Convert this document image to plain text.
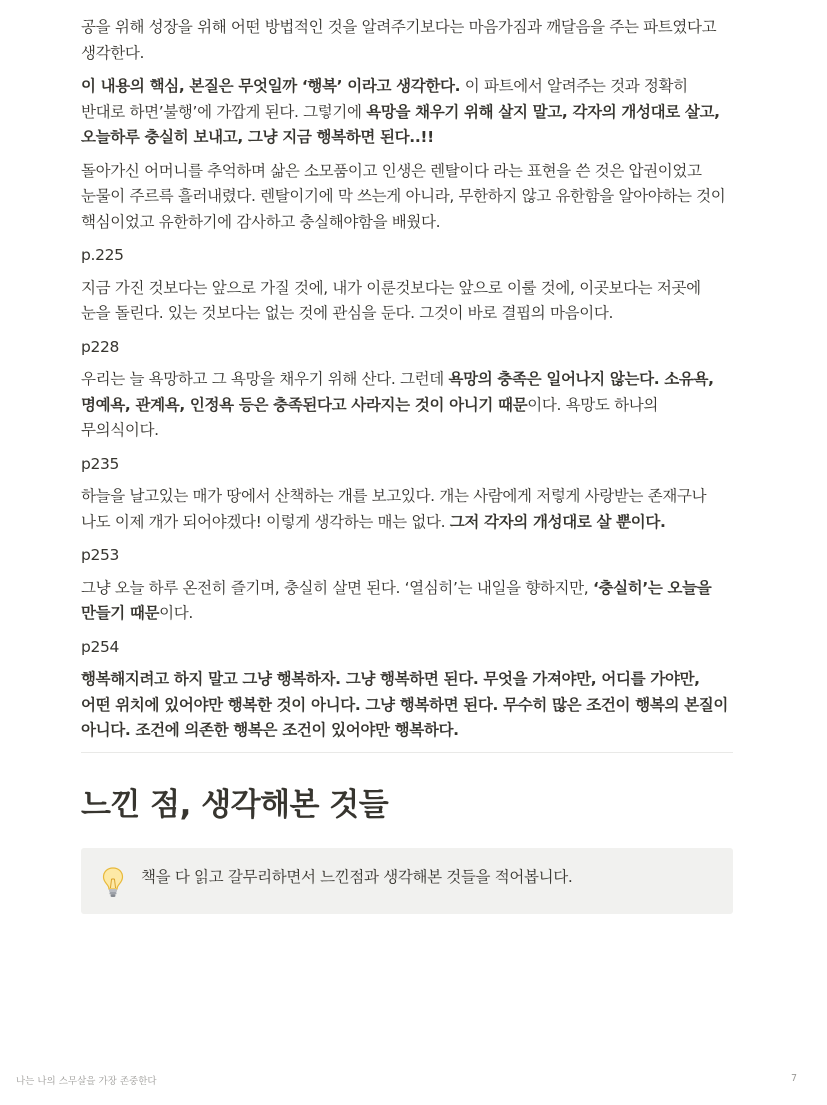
공을 위해 성장을 위해 어떤 방법적인 것을 알려주기보다는 마음가짐과 깨달음을 주는 파트였다고 생각한다.

이 내용의 핵심, 본질은 무엇일까 ‘행복’ 이라고 생각한다. 이 파트에서 알려주는 것과 정확히 반대로 하면’불행’에 가깝게 된다. 그렇기에 욕망을 채우기 위해 살지 말고, 각자의 개성대로 살고, 오늘하루 충실히 보내고, 그냥 지금 행복하면 된다..!!

돌아가신 어머니를 추억하며 삶은 소모품이고 인생은 렌탈이다 라는 표현을 쓴 것은 압권이었고 눈물이 주르륵 흘러내렸다. 렌탈이기에 막 쓰는게 아니라, 무한하지 않고 유한함을 알아야하는 것이 핵심이었고 유한하기에 감사하고 충실해야함을 배웠다.

p.225

지금 가진 것보다는 앞으로 가질 것에, 내가 이룬것보다는 앞으로 이룰 것에, 이곳보다는 저곳에 눈을 돌린다. 있는 것보다는 없는 것에 관심을 둔다. 그것이 바로 결핍의 마음이다.

p228

우리는 늘 욕망하고 그 욕망을 채우기 위해 산다. 그런데 욕망의 충족은 일어나지 않는다. 소유욕, 명예욕, 관계욕, 인정욕 등은 충족된다고 사라지는 것이 아니기 때문이다. 욕망도 하나의 무의식이다.

p235

하늘을 날고있는 매가 땅에서 산책하는 개를 보고있다. 개는 사람에게 저렇게 사랑받는 존재구나 나도 이제 개가 되어야겠다! 이렇게 생각하는 매는 없다. 그저 각자의 개성대로 살 뿐이다.

p253

그냥 오늘 하루 온전히 즐기며, 충실히 살면 된다. ‘열심히’는 내일을 향하지만, ‘충실히’는 오늘을 만들기 때문이다.

p254

행복해지려고 하지 말고 그냥 행복하자. 그냥 행복하면 된다. 무엇을 가져야만, 어디를 가야만, 어떤 위치에 있어야만 행복한 것이 아니다. 그냥 행복하면 된다. 무수히 많은 조건이 행복의 본질이 아니다. 조건에 의존한 행복은 조건이 있어야만 행복하다.

느낀 점, 생각해본 것들
책을 다 읽고 갈무리하면서 느낀점과 생각해본 것들을 적어봅니다.
나는 나의 스무살을 가장 존중한다	7
